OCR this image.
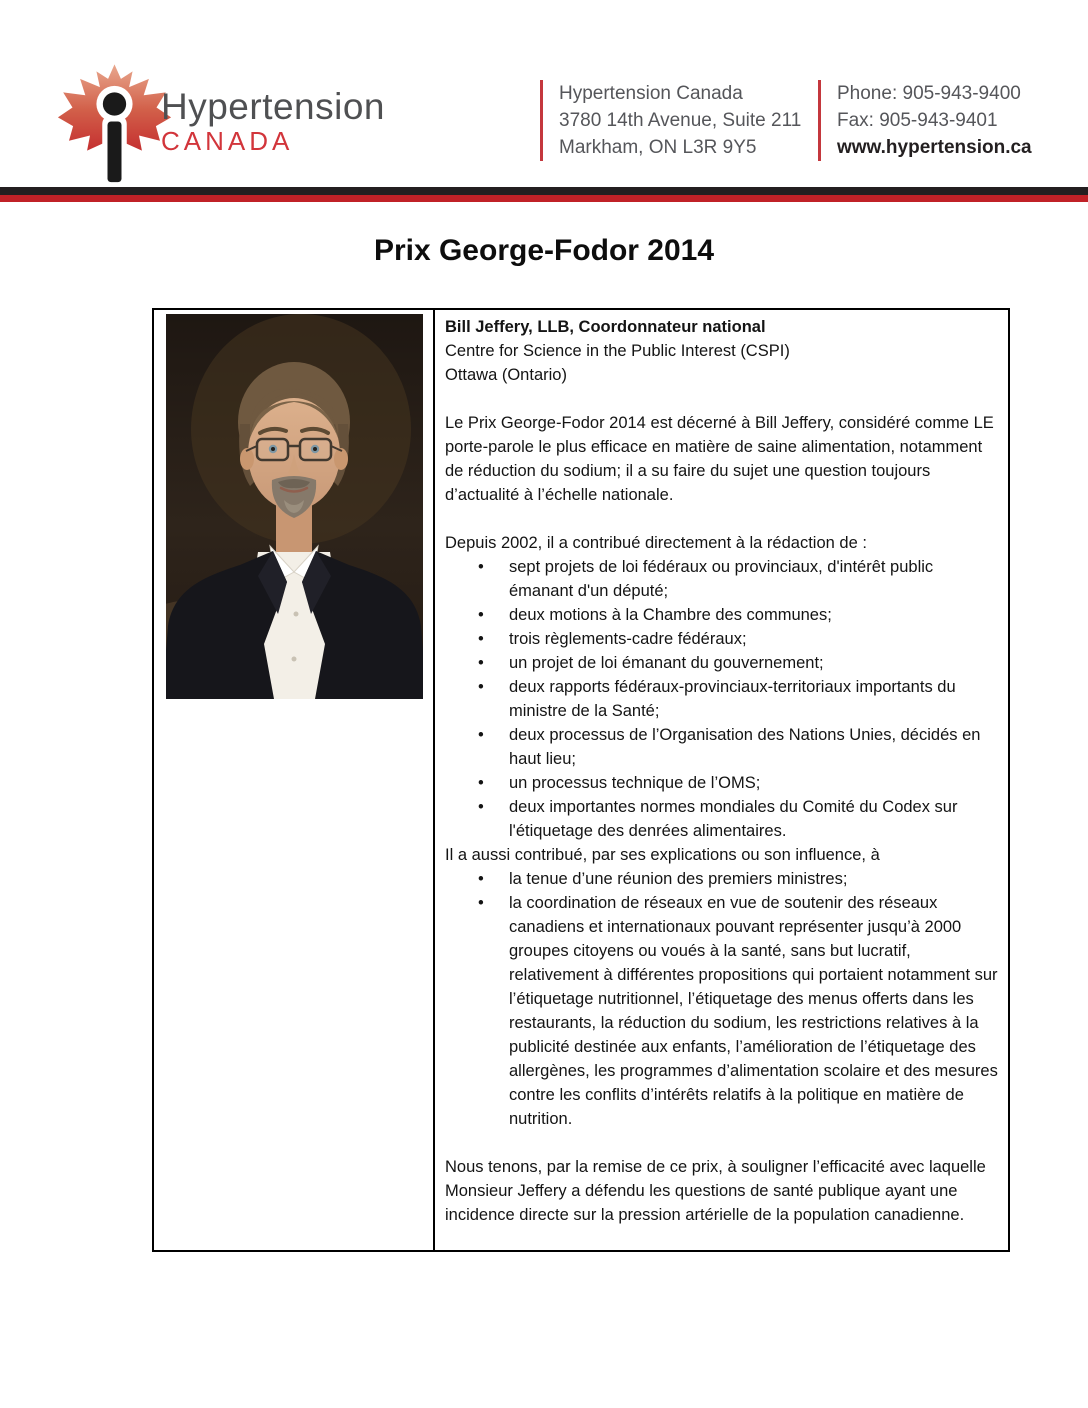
Hypertension
CANADA
Hypertension Canada
3780 14th Avenue, Suite 211
Markham, ON L3R 9Y5
Phone: 905-943-9400
Fax: 905-943-9401
www.hypertension.ca
Prix George-Fodor 2014

Bill Jeffery, LLB, Coordonnateur national

Centre for Science in the Public Interest (CSPI)

Ottawa (Ontario)

Le Prix George-Fodor 2014 est décerné à Bill Jeffery, considéré comme LE porte-parole le plus efficace en matière de saine alimentation, notamment de réduction du sodium; il a su faire du sujet une question toujours d’actualité à l’échelle nationale.

Depuis 2002, il a contribué directement à la rédaction de :

• sept projets de loi fédéraux ou provinciaux, d'intérêt public émanant d'un député;
• deux motions à la Chambre des communes;
• trois règlements-cadre fédéraux;
• un projet de loi émanant du gouvernement;
• deux rapports fédéraux-provinciaux-territoriaux importants du ministre de la Santé;
• deux processus de l’Organisation des Nations Unies, décidés en haut lieu;
• un processus technique de l’OMS;
• deux importantes normes mondiales du Comité du Codex sur l'étiquetage des denrées alimentaires.

Il a aussi contribué, par ses explications ou son influence, à

• la tenue d’une réunion des premiers ministres;
• la coordination de réseaux en vue de soutenir des réseaux canadiens et internationaux pouvant représenter jusqu’à 2000 groupes citoyens ou voués à la santé, sans but lucratif, relativement à différentes propositions qui portaient notamment sur l’étiquetage nutritionnel, l’étiquetage des menus offerts dans les restaurants, la réduction du sodium, les restrictions relatives à la publicité destinée aux enfants, l’amélioration de l’étiquetage des allergènes, les programmes d’alimentation scolaire et des mesures contre les conflits d’intérêts relatifs à la politique en matière de nutrition.

Nous tenons, par la remise de ce prix, à souligner l’efficacité avec laquelle Monsieur Jeffery a défendu les questions de santé publique ayant une incidence directe sur la pression artérielle de la population canadienne.
